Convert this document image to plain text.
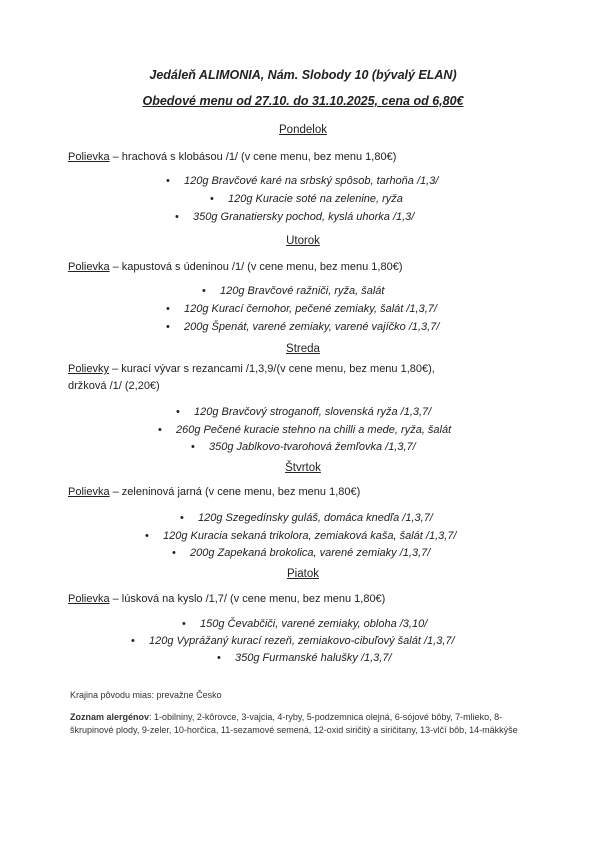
Jedáleň ALIMONIA, Nám. Slobody 10 (bývalý ELAN)
Obedové menu od 27.10. do 31.10.2025, cena od 6,80€
Pondelok
Polievka – hrachová s klobásou /1/ (v cene menu, bez menu 1,80€)
• 120g Bravčové karé na srbský spôsob, tarhoňa /1,3/
• 120g Kuracie soté na zelenine, ryža
• 350g Granatiersky pochod, kyslá uhorka /1,3/
Utorok
Polievka – kapustová s údeninou /1/ (v cene menu, bez menu 1,80€)
• 120g Bravčové ražniči, ryža, šalát
• 120g Kurací černohor, pečené zemiaky, šalát /1,3,7/
• 200g Špenát, varené zemiaky, varené vajíčko /1,3,7/
Streda
Polievky – kurací vývar s rezancami /1,3,9/(v cene menu, bez menu 1,80€),
držková /1/ (2,20€)
• 120g Bravčový stroganoff, slovenská ryža /1,3,7/
• 260g Pečené kuracie stehno na chilli a mede, ryža, šalát
• 350g Jablkovo-tvarohová žemľovka /1,3,7/
Štvrtok
Polievka – zeleninová jarná (v cene menu, bez menu 1,80€)
• 120g Szegedínsky guláš, domáca knedľa /1,3,7/
• 120g Kuracia sekaná trikolora, zemiaková kaša, šalát /1,3,7/
• 200g Zapekaná brokolica, varené zemiaky /1,3,7/
Piatok
Polievka – lúsková na kyslo /1,7/ (v cene menu, bez menu 1,80€)
• 150g Čevabčiči, varené zemiaky, obloha /3,10/
• 120g Vyprážaný kurací rezeň, zemiakovo-cibuľový šalát /1,3,7/
• 350g Furmanské halušky /1,3,7/
Krajina pôvodu mias: prevažne Česko
Zoznam alergénov: 1-obilniny, 2-kôrovce, 3-vajcia, 4-ryby, 5-podzemnica olejná, 6-sójové bôby, 7-mlieko, 8-škrupinové plody, 9-zeler, 10-horčica, 11-sezamové semená, 12-oxid siričitý a siričitany, 13-vlčí bôb, 14-mäkkýše
